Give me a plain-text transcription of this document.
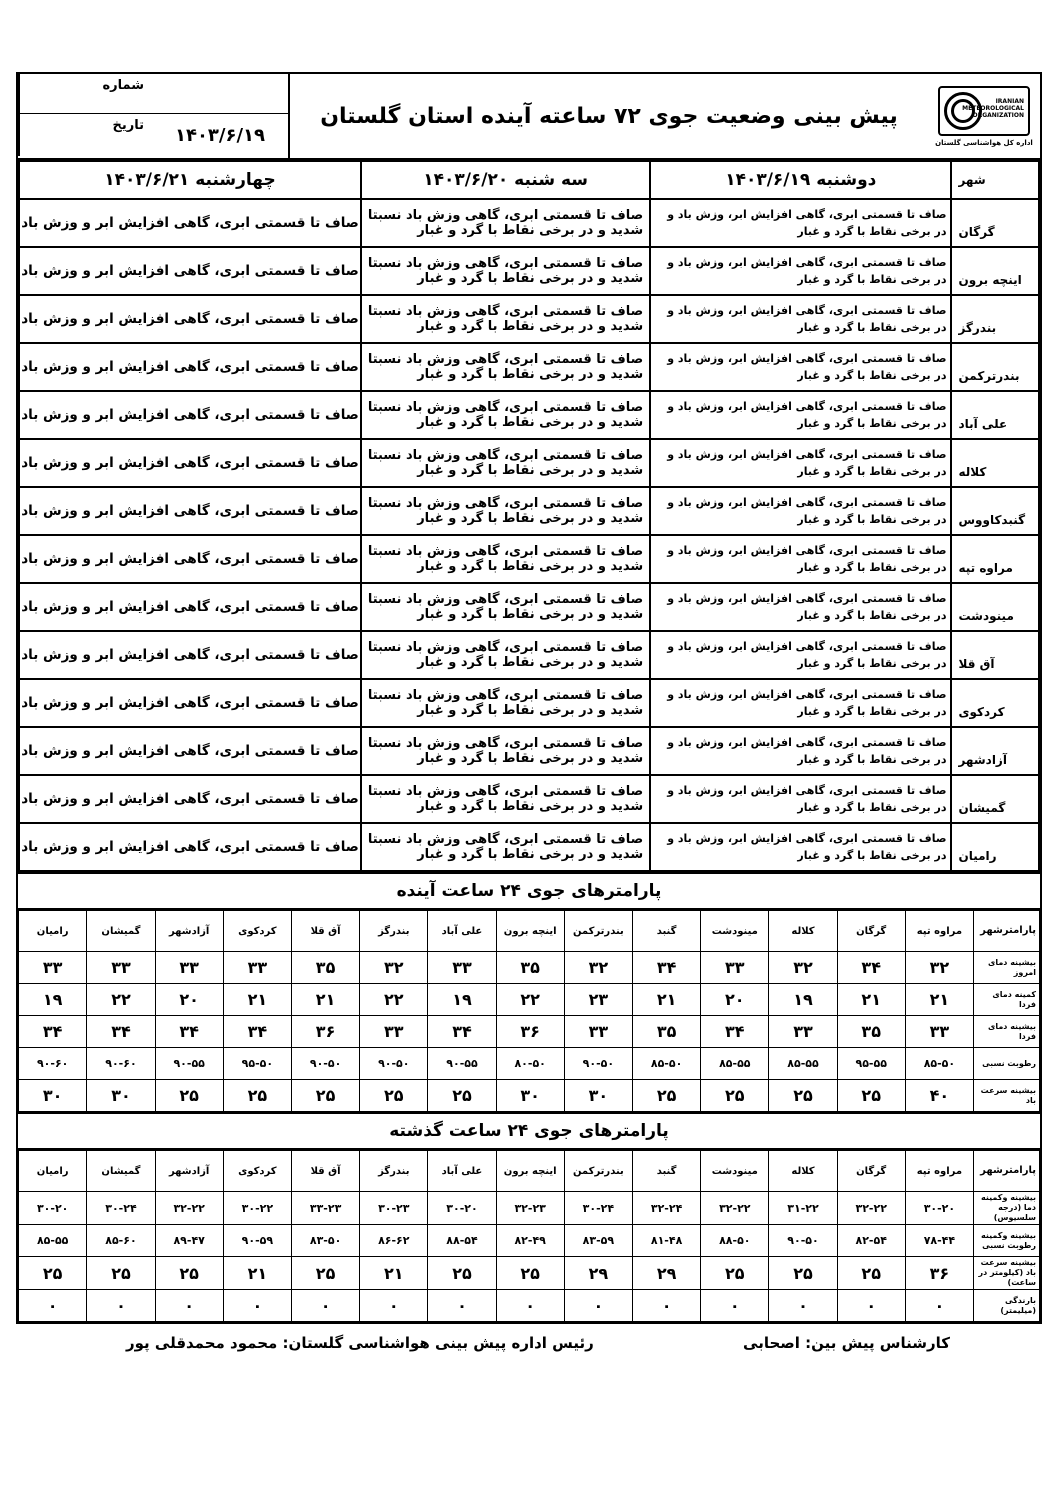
IRANIAN
METEOROLOGICAL
ORGANIZATION
اداره کل هواشناسی گلستان
پیش بینی وضعیت جوی ۷۲ ساعته آینده استان گلستان
شماره
تاریخ	۱۴۰۳/۶/۱۹
شهر	دوشنبه ۱۴۰۳/۶/۱۹	سه شنبه ۱۴۰۳/۶/۲۰	چهارشنبه ۱۴۰۳/۶/۲۱
گرگان	صاف تا قسمتی ابری، گاهی افزایش ابر، وزش باد و در برخی نقاط با گرد و غبار	صاف تا قسمتی ابری، گاهی وزش باد نسبتا شدید و در برخی نقاط با گرد و غبار	صاف تا قسمتی ابری، گاهی افزایش ابر و وزش باد
اینچه برون	صاف تا قسمتی ابری، گاهی افزایش ابر، وزش باد و در برخی نقاط با گرد و غبار	صاف تا قسمتی ابری، گاهی وزش باد نسبتا شدید و در برخی نقاط با گرد و غبار	صاف تا قسمتی ابری، گاهی افزایش ابر و وزش باد
بندرگز	صاف تا قسمتی ابری، گاهی افزایش ابر، وزش باد و در برخی نقاط با گرد و غبار	صاف تا قسمتی ابری، گاهی وزش باد نسبتا شدید و در برخی نقاط با گرد و غبار	صاف تا قسمتی ابری، گاهی افزایش ابر و وزش باد
بندرترکمن	صاف تا قسمتی ابری، گاهی افزایش ابر، وزش باد و در برخی نقاط با گرد و غبار	صاف تا قسمتی ابری، گاهی وزش باد نسبتا شدید و در برخی نقاط با گرد و غبار	صاف تا قسمتی ابری، گاهی افزایش ابر و وزش باد
علی آباد	صاف تا قسمتی ابری، گاهی افزایش ابر، وزش باد و در برخی نقاط با گرد و غبار	صاف تا قسمتی ابری، گاهی وزش باد نسبتا شدید و در برخی نقاط با گرد و غبار	صاف تا قسمتی ابری، گاهی افزایش ابر و وزش باد
کلاله	صاف تا قسمتی ابری، گاهی افزایش ابر، وزش باد و در برخی نقاط با گرد و غبار	صاف تا قسمتی ابری، گاهی وزش باد نسبتا شدید و در برخی نقاط با گرد و غبار	صاف تا قسمتی ابری، گاهی افزایش ابر و وزش باد
گنبدکاووس	صاف تا قسمتی ابری، گاهی افزایش ابر، وزش باد و در برخی نقاط با گرد و غبار	صاف تا قسمتی ابری، گاهی وزش باد نسبتا شدید و در برخی نقاط با گرد و غبار	صاف تا قسمتی ابری، گاهی افزایش ابر و وزش باد
مراوه تپه	صاف تا قسمتی ابری، گاهی افزایش ابر، وزش باد و در برخی نقاط با گرد و غبار	صاف تا قسمتی ابری، گاهی وزش باد نسبتا شدید و در برخی نقاط با گرد و غبار	صاف تا قسمتی ابری، گاهی افزایش ابر و وزش باد
مینودشت	صاف تا قسمتی ابری، گاهی افزایش ابر، وزش باد و در برخی نقاط با گرد و غبار	صاف تا قسمتی ابری، گاهی وزش باد نسبتا شدید و در برخی نقاط با گرد و غبار	صاف تا قسمتی ابری، گاهی افزایش ابر و وزش باد
آق قلا	صاف تا قسمتی ابری، گاهی افزایش ابر، وزش باد و در برخی نقاط با گرد و غبار	صاف تا قسمتی ابری، گاهی وزش باد نسبتا شدید و در برخی نقاط با گرد و غبار	صاف تا قسمتی ابری، گاهی افزایش ابر و وزش باد
کردکوی	صاف تا قسمتی ابری، گاهی افزایش ابر، وزش باد و در برخی نقاط با گرد و غبار	صاف تا قسمتی ابری، گاهی وزش باد نسبتا شدید و در برخی نقاط با گرد و غبار	صاف تا قسمتی ابری، گاهی افزایش ابر و وزش باد
آزادشهر	صاف تا قسمتی ابری، گاهی افزایش ابر، وزش باد و در برخی نقاط با گرد و غبار	صاف تا قسمتی ابری، گاهی وزش باد نسبتا شدید و در برخی نقاط با گرد و غبار	صاف تا قسمتی ابری، گاهی افزایش ابر و وزش باد
گمیشان	صاف تا قسمتی ابری، گاهی افزایش ابر، وزش باد و در برخی نقاط با گرد و غبار	صاف تا قسمتی ابری، گاهی وزش باد نسبتا شدید و در برخی نقاط با گرد و غبار	صاف تا قسمتی ابری، گاهی افزایش ابر و وزش باد
رامیان	صاف تا قسمتی ابری، گاهی افزایش ابر، وزش باد و در برخی نقاط با گرد و غبار	صاف تا قسمتی ابری، گاهی وزش باد نسبتا شدید و در برخی نقاط با گرد و غبار	صاف تا قسمتی ابری، گاهی افزایش ابر و وزش باد
پارامترهای جوی ۲۴ ساعت آینده
پارامترشهر	مراوه تپه	گرگان	کلاله	مینودشت	گنبد	بندرترکمن	اینچه برون	علی آباد	بندرگز	آق قلا	کردکوی	آزادشهر	گمیشان	رامیان
بیشینه دمای امروز	۳۲	۳۴	۳۲	۳۳	۳۴	۳۲	۳۵	۳۳	۳۲	۳۵	۳۳	۳۳	۳۳	۳۳
کمینه دمای فردا	۲۱	۲۱	۱۹	۲۰	۲۱	۲۳	۲۲	۱۹	۲۲	۲۱	۲۱	۲۰	۲۲	۱۹
بیشینه دمای فردا	۳۳	۳۵	۳۳	۳۴	۳۵	۳۳	۳۶	۳۴	۳۳	۳۶	۳۴	۳۴	۳۴	۳۴
رطوبت نسبی	۸۵-۵۰	۹۵-۵۵	۸۵-۵۵	۸۵-۵۵	۸۵-۵۰	۹۰-۵۰	۸۰-۵۰	۹۰-۵۵	۹۰-۵۰	۹۰-۵۰	۹۵-۵۰	۹۰-۵۵	۹۰-۶۰	۹۰-۶۰
بیشینه سرعت باد	۴۰	۲۵	۲۵	۲۵	۲۵	۳۰	۳۰	۲۵	۲۵	۲۵	۲۵	۲۵	۳۰	۳۰
پارامترهای جوی ۲۴ ساعت گذشته
پارامترشهر	مراوه تپه	گرگان	کلاله	مینودشت	گنبد	بندرترکمن	اینچه برون	علی آباد	بندرگز	آق قلا	کردکوی	آزادشهر	گمیشان	رامیان
بیشینه وکمینه دما (درجه سلسیوس)	۳۰-۲۰	۳۲-۲۲	۳۱-۲۲	۳۲-۲۲	۳۲-۲۴	۳۰-۲۴	۳۲-۲۳	۳۰-۲۰	۳۰-۲۳	۳۳-۲۳	۳۰-۲۲	۳۲-۲۲	۳۰-۲۴	۳۰-۲۰
بیشینه وکمینه رطوبت نسبی	۷۸-۴۴	۸۲-۵۴	۹۰-۵۰	۸۸-۵۰	۸۱-۴۸	۸۳-۵۹	۸۲-۴۹	۸۸-۵۴	۸۶-۶۲	۸۳-۵۰	۹۰-۵۹	۸۹-۴۷	۸۵-۶۰	۸۵-۵۵
بیشینه سرعت باد (کیلومتر در ساعت)	۳۶	۲۵	۲۵	۲۵	۲۹	۲۹	۲۵	۲۵	۲۱	۲۵	۲۱	۲۵	۲۵	۲۵
بارندگی (میلیمتر)	۰	۰	۰	۰	۰	۰	۰	۰	۰	۰	۰	۰	۰	۰
کارشناس پیش بین: اصحابی
رئیس اداره پیش بینی هواشناسی گلستان: محمود محمدقلی پور
